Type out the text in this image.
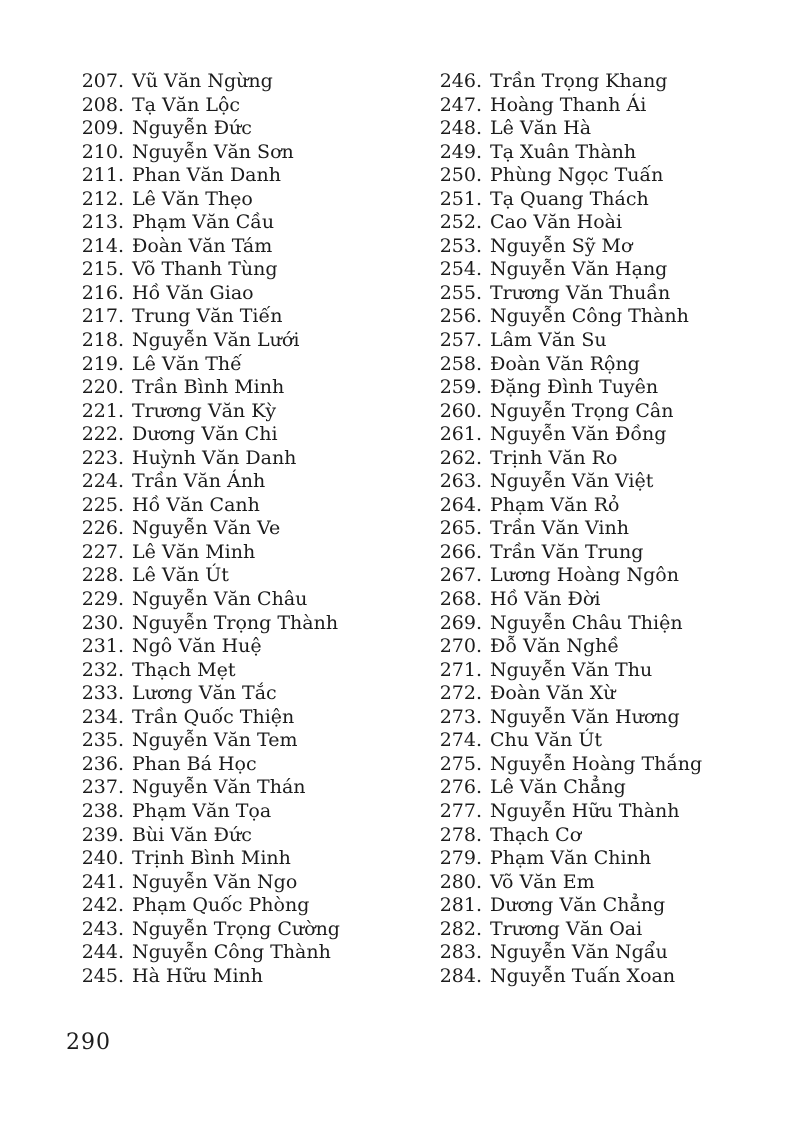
207. Vũ Văn Ngừng
208. Tạ Văn Lộc
209. Nguyễn Đức
210. Nguyễn Văn Sơn
211. Phan Văn Danh
212. Lê Văn Thẹo
213. Phạm Văn Cầu
214. Đoàn Văn Tám
215. Võ Thanh Tùng
216. Hồ Văn Giao
217. Trung Văn Tiến
218. Nguyễn Văn Lưới
219. Lê Văn Thế
220. Trần Bình Minh
221. Trương Văn Kỳ
222. Dương Văn Chi
223. Huỳnh Văn Danh
224. Trần Văn Ánh
225. Hồ Văn Canh
226. Nguyễn Văn Ve
227. Lê Văn Minh
228. Lê Văn Út
229. Nguyễn Văn Châu
230. Nguyễn Trọng Thành
231. Ngô Văn Huệ
232. Thạch Mẹt
233. Lương Văn Tắc
234. Trần Quốc Thiện
235. Nguyễn Văn Tem
236. Phan Bá Học
237. Nguyễn Văn Thán
238. Phạm Văn Tọa
239. Bùi Văn Đức
240. Trịnh Bình Minh
241. Nguyễn Văn Ngo
242. Phạm Quốc Phòng
243. Nguyễn Trọng Cường
244. Nguyễn Công Thành
245. Hà Hữu Minh
246. Trần Trọng Khang
247. Hoàng Thanh Ái
248. Lê Văn Hà
249. Tạ Xuân Thành
250. Phùng Ngọc Tuấn
251. Tạ Quang Thách
252. Cao Văn Hoài
253. Nguyễn Sỹ Mơ
254. Nguyễn Văn Hạng
255. Trương Văn Thuần
256. Nguyễn Công Thành
257. Lâm Văn Su
258. Đoàn Văn Rộng
259. Đặng Đình Tuyên
260. Nguyễn Trọng Cân
261. Nguyễn Văn Đồng
262. Trịnh Văn Ro
263. Nguyễn Văn Việt
264. Phạm Văn Rỏ
265. Trần Văn Vinh
266. Trần Văn Trung
267. Lương Hoàng Ngôn
268. Hồ Văn Đời
269. Nguyễn Châu Thiện
270. Đỗ Văn Nghề
271. Nguyễn Văn Thu
272. Đoàn Văn Xừ
273. Nguyễn Văn Hương
274. Chu Văn Út
275. Nguyễn Hoàng Thắng
276. Lê Văn Chẳng
277. Nguyễn Hữu Thành
278. Thạch Cơ
279. Phạm Văn Chinh
280. Võ Văn Em
281. Dương Văn Chẳng
282. Trương Văn Oai
283. Nguyễn Văn Ngẩu
284. Nguyễn Tuấn Xoan
290
